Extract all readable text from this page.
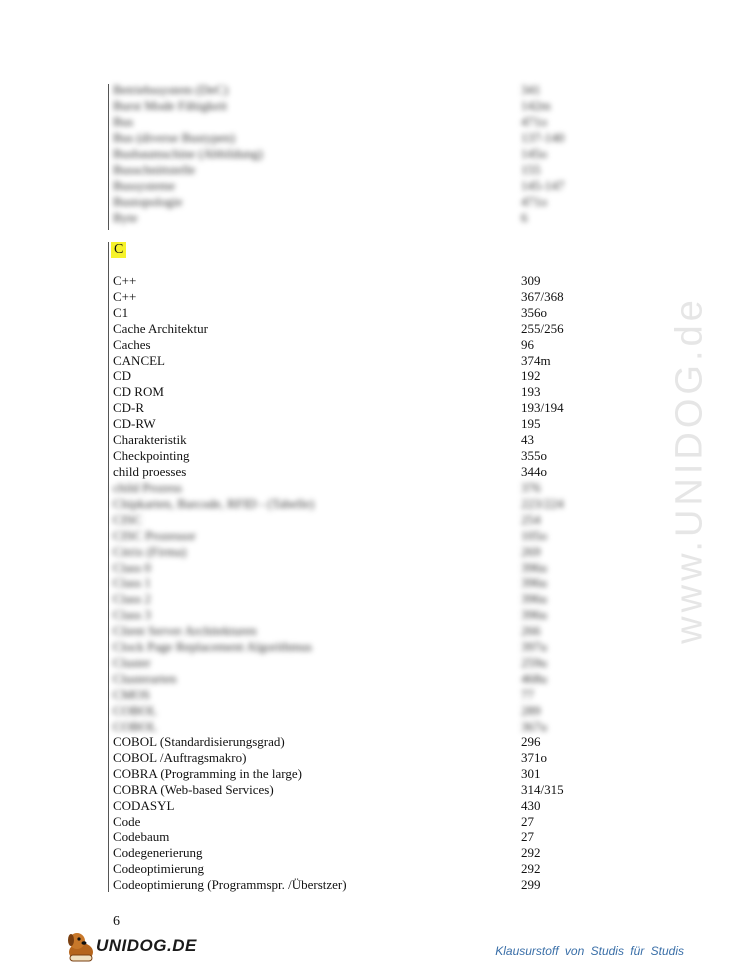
www.UNIDOG.de
Betriebssystem (DeC)	341
Burst Mode Fähigkeit	142m
Bus	471o
Bus (diverse Bustypen)	137-140
Busbaumschine (Abbildung)	145o
Busschnittstelle	155
Bussysteme	145-147
Bustopologie	471o
Byte	6
C
C++	309
C++	367/368
C1	356o
Cache Architektur	255/256
Caches	96
CANCEL	374m
CD	192
CD ROM	193
CD-R	193/194
CD-RW	195
Charakteristik	43
Checkpointing	355o
child proesses	344o
child Prozess	376
Chipkarten, Barcode, RFID - (Tabelle)	223/224
CISC	254
CISC Prozessor	105o
Citrix (Firma)	269
Class 0	396u
Class 1	396u
Class 2	396u
Class 3	396u
Client Server Architekturen	266
Clock Page Replacement Algorithmus	397u
Cluster	259u
Clusterarten	468u
CMOS	77
COBOL	289
COBOL	367u
COBOL (Standardisierungsgrad)	296
COBOL /Auftragsmakro)	371o
COBRA (Programming in the large)	301
COBRA (Web-based Services)	314/315
CODASYL	430
Code	27
Codebaum	27
Codegenerierung	292
Codeoptimierung	292
Codeoptimierung (Programmspr. /Überstzer)	299
6
UNIDOG.DE	Klausurstoff von Studis für Studis
